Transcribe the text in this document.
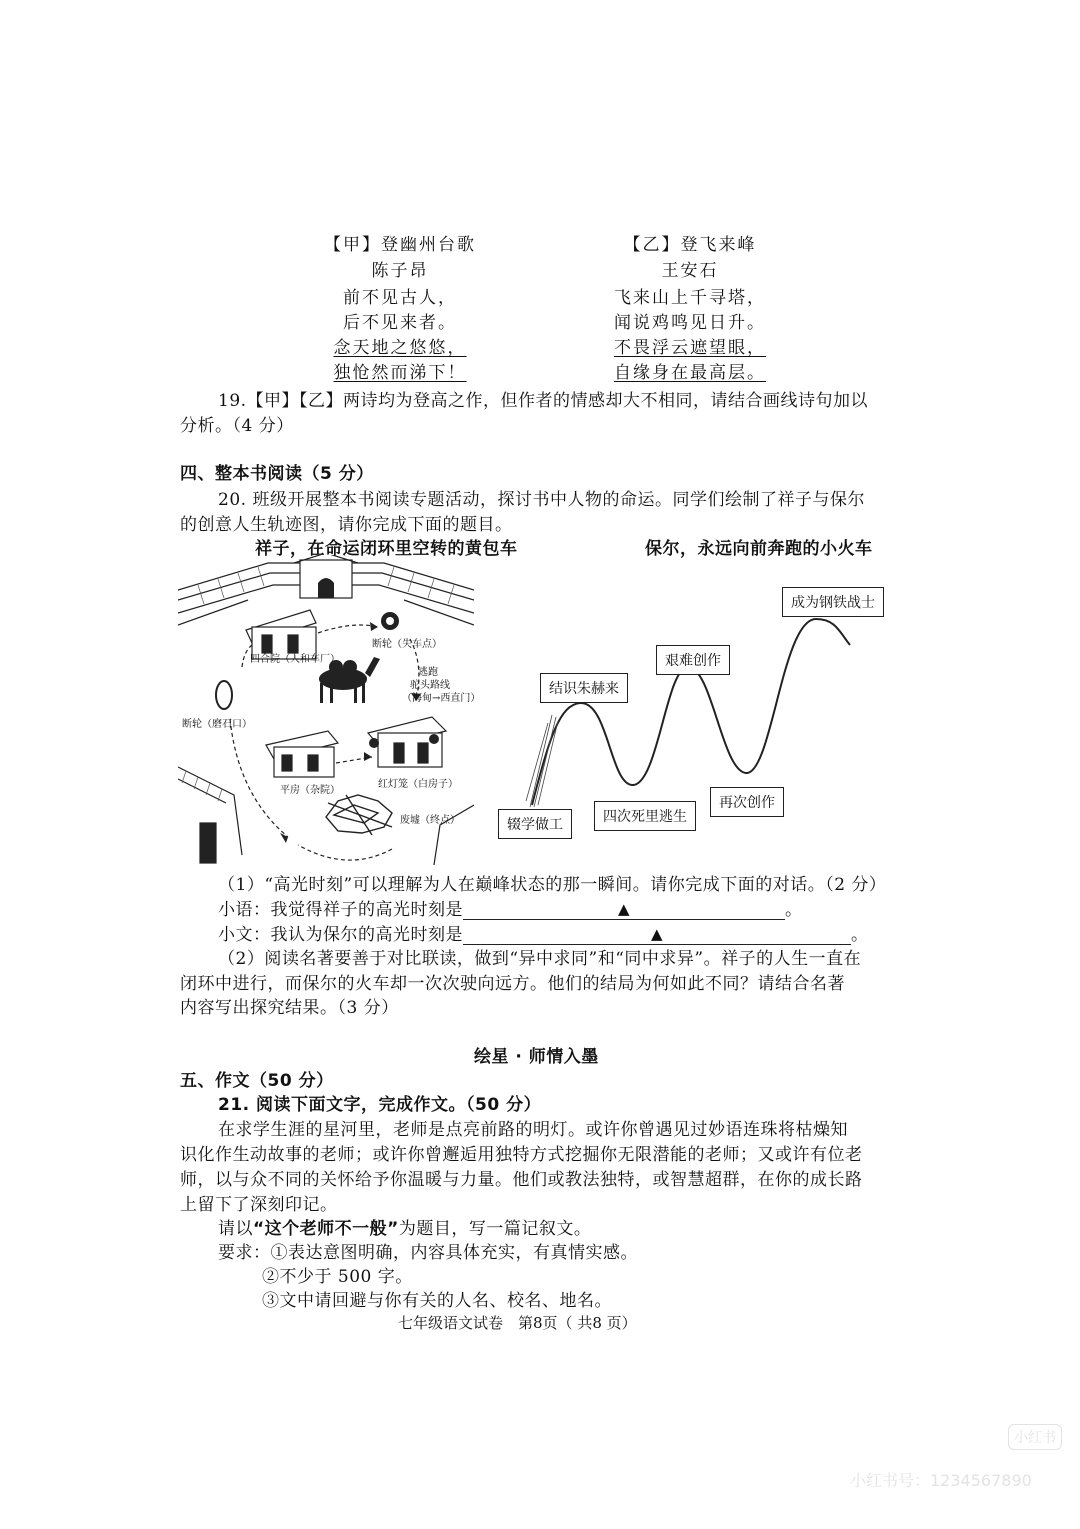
【甲】登幽州台歌
陈子昂
前不见古人，
后不见来者。
念天地之悠悠，
独怆然而涕下！
【乙】登飞来峰
王安石
飞来山上千寻塔，
闻说鸡鸣见日升。
不畏浮云遮望眼，
自缘身在最高层。
19.【甲】【乙】两诗均为登高之作，但作者的情感却大不相同，请结合画线诗句加以
分析。（4 分）
四、整本书阅读（5 分）
20. 班级开展整本书阅读专题活动，探讨书中人物的命运。同学们绘制了祥子与保尔
的创意人生轨迹图，请你完成下面的题目。
祥子，在命运闭环里空转的黄包车	保尔，永远向前奔跑的小火车
四合院（人和车厂）
断轮（失车点）
逃跑
驼头路线
（海甸→西直门）
断轮（磨石口）
平房（杂院）
红灯笼（白房子）
废墟（终点）
结识朱赫来
艰难创作
成为钢铁战士
辍学做工	四次死里逃生
再次创作
（1）“高光时刻”可以理解为人在巅峰状态的那一瞬间。请你完成下面的对话。（2 分）
小语：我觉得祥子的高光时刻是	▲	。
小文：我认为保尔的高光时刻是	▲	。
（2）阅读名著要善于对比联读，做到“异中求同”和“同中求异”。祥子的人生一直在
闭环中进行，而保尔的火车却一次次驶向远方。他们的结局为何如此不同？请结合名著
内容写出探究结果。（3 分）
绘星 · 师情入墨
五、作文（50 分）
21. 阅读下面文字，完成作文。（50 分）
在求学生涯的星河里，老师是点亮前路的明灯。或许你曾遇见过妙语连珠将枯燥知
识化作生动故事的老师；或许你曾邂逅用独特方式挖掘你无限潜能的老师；又或许有位老
师，以与众不同的关怀给予你温暖与力量。他们或教法独特，或智慧超群，在你的成长路
上留下了深刻印记。
请以“这个老师不一般”为题目，写一篇记叙文。
要求：①表达意图明确，内容具体充实，有真情实感。
②不少于 500 字。
③文中请回避与你有关的人名、校名、地名。
七年级语文试卷　第8页（ 共8 页）
小红书
小红书号：1234567890
